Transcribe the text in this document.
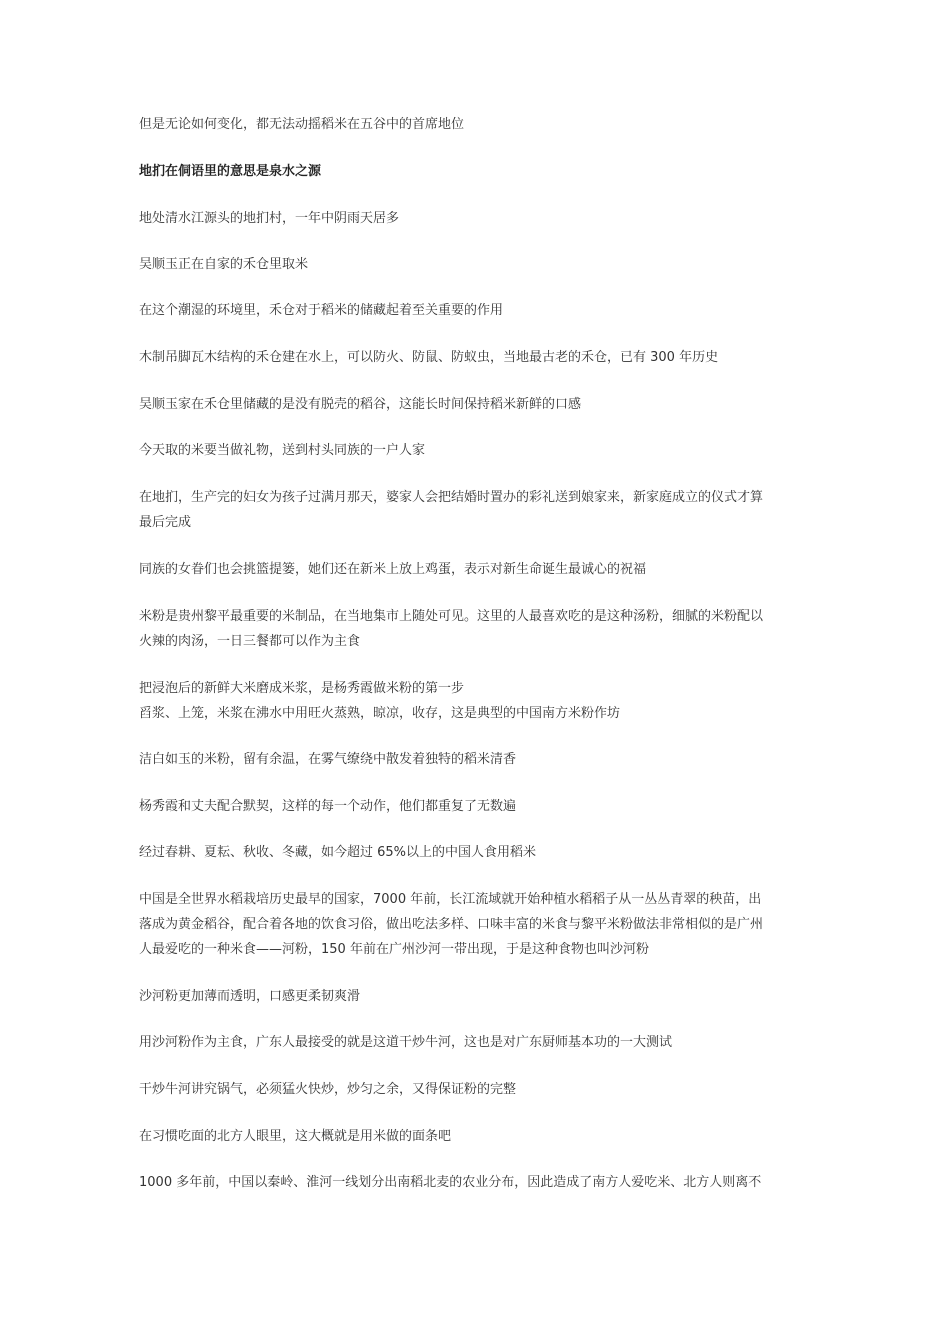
但是无论如何变化，都无法动摇稻米在五谷中的首席地位

地扪在侗语里的意思是泉水之源

地处清水江源头的地扪村，一年中阴雨天居多

吴顺玉正在自家的禾仓里取米

在这个潮湿的环境里，禾仓对于稻米的储藏起着至关重要的作用

木制吊脚瓦木结构的禾仓建在水上，可以防火、防鼠、防蚁虫，当地最古老的禾仓，已有 300 年历史

吴顺玉家在禾仓里储藏的是没有脱壳的稻谷，这能长时间保持稻米新鲜的口感

今天取的米要当做礼物，送到村头同族的一户人家

在地扪，生产完的妇女为孩子过满月那天，婆家人会把结婚时置办的彩礼送到娘家来，新家庭成立的仪式才算
最后完成

同族的女眷们也会挑篮提篓，她们还在新米上放上鸡蛋，表示对新生命诞生最诚心的祝福

米粉是贵州黎平最重要的米制品，在当地集市上随处可见。这里的人最喜欢吃的是这种汤粉，细腻的米粉配以
火辣的肉汤，一日三餐都可以作为主食

把浸泡后的新鲜大米磨成米浆，是杨秀霞做米粉的第一步
舀浆、上笼，米浆在沸水中用旺火蒸熟，晾凉，收存，这是典型的中国南方米粉作坊

洁白如玉的米粉，留有余温，在雾气缭绕中散发着独特的稻米清香

杨秀霞和丈夫配合默契，这样的每一个动作，他们都重复了无数遍

经过春耕、夏耘、秋收、冬藏，如今超过 65%以上的中国人食用稻米

中国是全世界水稻栽培历史最早的国家，7000 年前，长江流域就开始种植水稻稻子从一丛丛青翠的秧苗，出
落成为黄金稻谷，配合着各地的饮食习俗，做出吃法多样、口味丰富的米食与黎平米粉做法非常相似的是广州
人最爱吃的一种米食——河粉，150 年前在广州沙河一带出现，于是这种食物也叫沙河粉

沙河粉更加薄而透明，口感更柔韧爽滑

用沙河粉作为主食，广东人最接受的就是这道干炒牛河，这也是对广东厨师基本功的一大测试

干炒牛河讲究锅气，必须猛火快炒，炒匀之余，又得保证粉的完整

在习惯吃面的北方人眼里，这大概就是用米做的面条吧

1000 多年前，中国以秦岭、淮河一线划分出南稻北麦的农业分布，因此造成了南方人爱吃米、北方人则离不
